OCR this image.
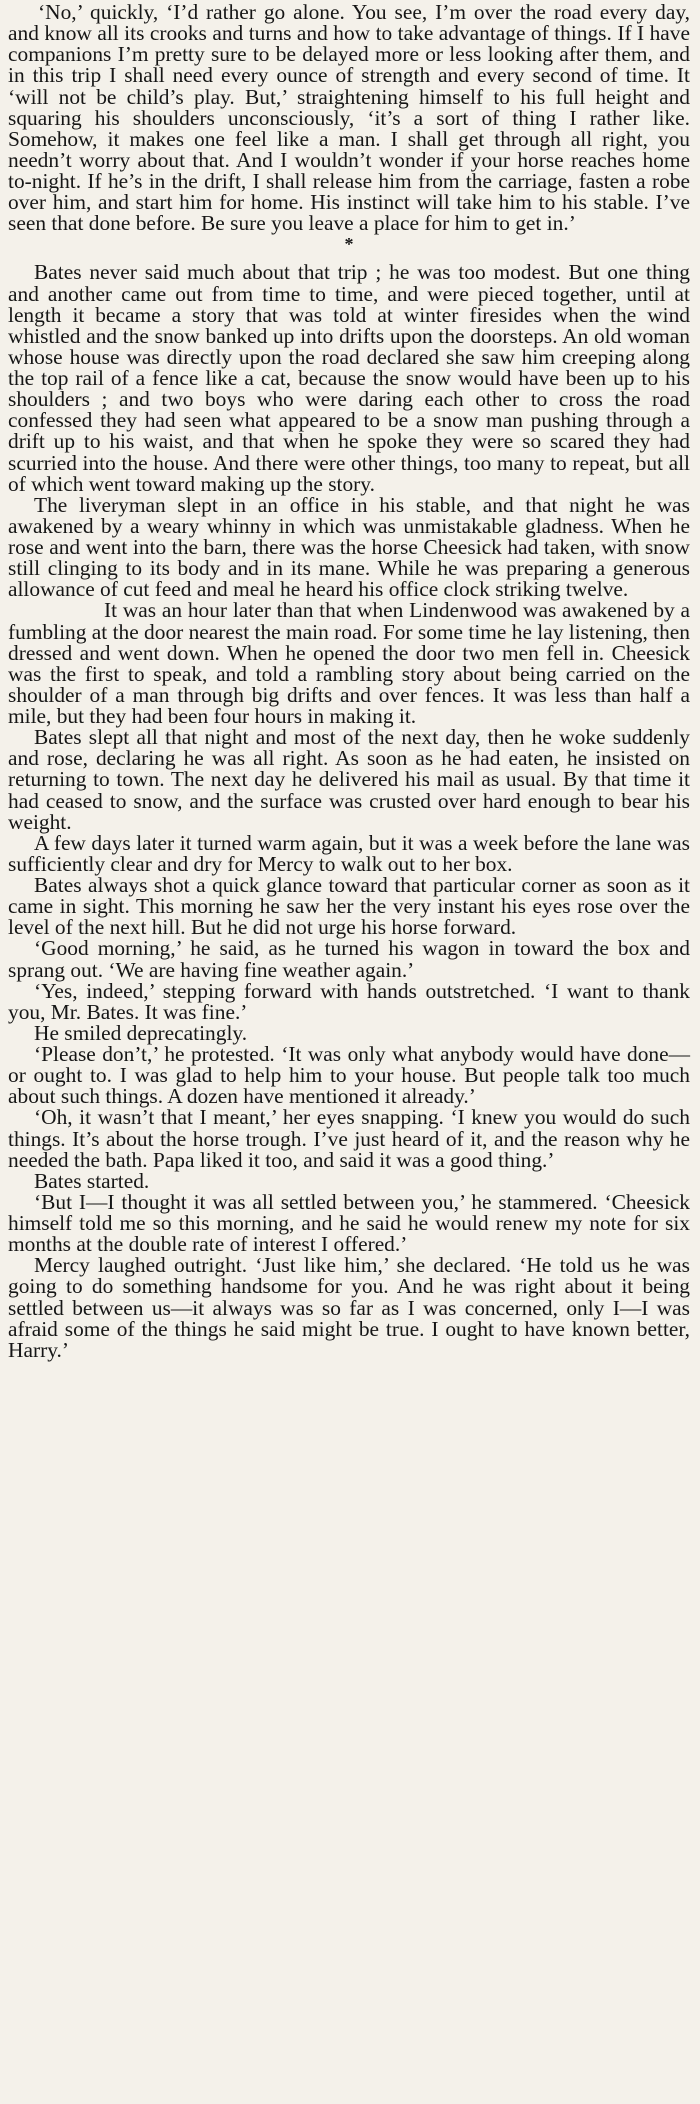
‘No,’ quickly, ‘I’d rather go alone. You see, I’m over the road every day, and know all its crooks and turns and how to take advantage of things. If I have companions I’m pretty sure to be delayed more or less looking after them, and in this trip I shall need every ounce of strength and every second of time. It ‘will not be child’s play. But,’ straightening himself to his full height and squaring his shoulders unconsciously, ‘it’s a sort of thing I rather like. Somehow, it makes one feel like a man. I shall get through all right, you needn’t worry about that. And I wouldn’t wonder if your horse reaches home to-night. If he’s in the drift, I shall release him from the carriage, fasten a robe over him, and start him for home. His instinct will take him to his stable. I’ve seen that done before. Be sure you leave a place for him to get in.’

*

Bates never said much about that trip ; he was too modest. But one thing and another came out from time to time, and were pieced together, until at length it became a story that was told at winter firesides when the wind whistled and the snow banked up into drifts upon the doorsteps. An old woman whose house was directly upon the road declared she saw him creeping along the top rail of a fence like a cat, because the snow would have been up to his shoulders ; and two boys who were daring each other to cross the road confessed they had seen what appeared to be a snow man pushing through a drift up to his waist, and that when he spoke they were so scared they had scurried into the house. And there were other things, too many to repeat, but all of which went toward making up the story.

The liveryman slept in an office in his stable, and that night he was awakened by a weary whinny in which was unmistakable gladness. When he rose and went into the barn, there was the horse Cheesick had taken, with snow still clinging to its body and in its mane. While he was preparing a generous allowance of cut feed and meal he heard his office clock striking twelve.

It was an hour later than that when Lindenwood was awakened by a fumbling at the door nearest the main road. For some time he lay listening, then dressed and went down. When he opened the door two men fell in. Cheesick was the first to speak, and told a rambling story about being carried on the shoulder of a man through big drifts and over fences. It was less than half a mile, but they had been four hours in making it.

Bates slept all that night and most of the next day, then he woke suddenly and rose, declaring he was all right. As soon as he had eaten, he insisted on returning to town. The next day he delivered his mail as usual. By that time it had ceased to snow, and the surface was crusted over hard enough to bear his weight.

A few days later it turned warm again, but it was a week before the lane was sufficiently clear and dry for Mercy to walk out to her box.

Bates always shot a quick glance toward that particular corner as soon as it came in sight. This morning he saw her the very instant his eyes rose over the level of the next hill. But he did not urge his horse forward.

‘Good morning,’ he said, as he turned his wagon in toward the box and sprang out. ‘We are having fine weather again.’

‘Yes, indeed,’ stepping forward with hands outstretched. ‘I want to thank you, Mr. Bates. It was fine.’

He smiled deprecatingly.

‘Please don’t,’ he protested. ‘It was only what anybody would have done—or ought to. I was glad to help him to your house. But people talk too much about such things. A dozen have mentioned it already.’

‘Oh, it wasn’t that I meant,’ her eyes snapping. ‘I knew you would do such things. It’s about the horse trough. I’ve just heard of it, and the reason why he needed the bath. Papa liked it too, and said it was a good thing.’

Bates started.

‘But I—I thought it was all settled between you,’ he stammered. ‘Cheesick himself told me so this morning, and he said he would renew my note for six months at the double rate of interest I offered.’

Mercy laughed outright. ‘Just like him,’ she declared. ‘He told us he was going to do something handsome for you. And he was right about it being settled between us—it always was so far as I was concerned, only I—I was afraid some of the things he said might be true. I ought to have known better, Harry.’
